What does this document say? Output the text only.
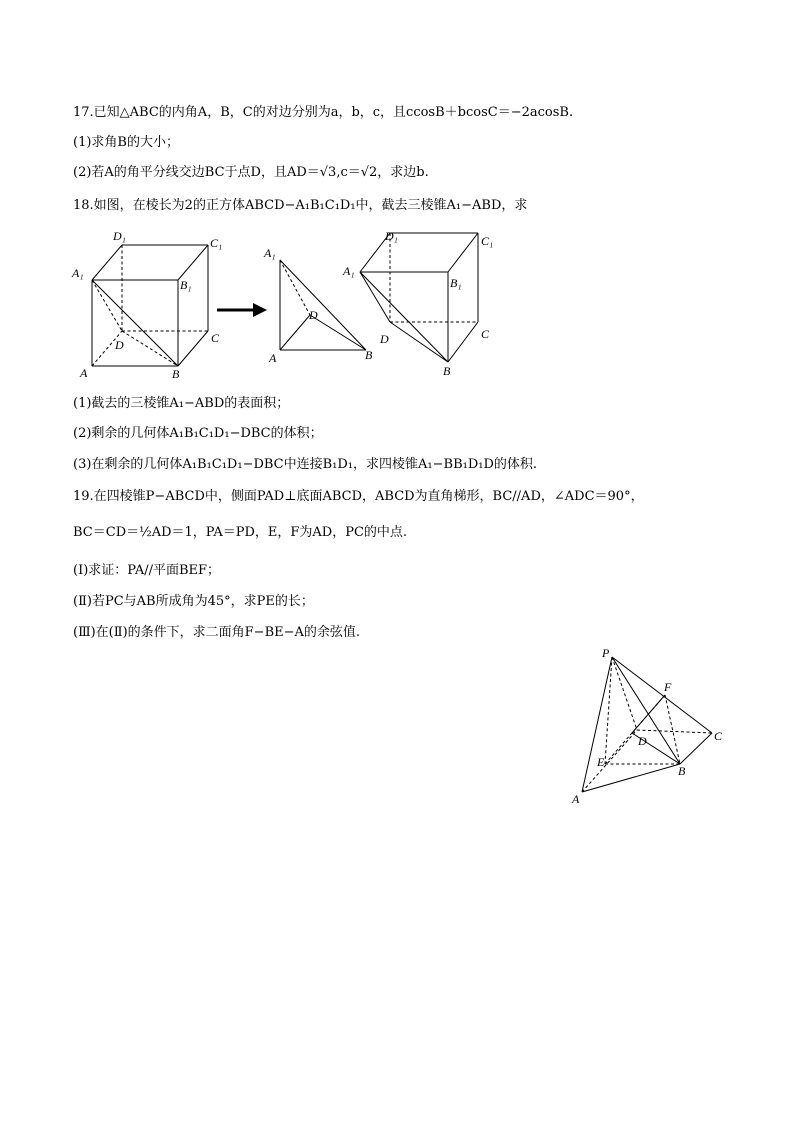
17.已知△ABC的内角A，B，C的对边分别为a，b，c，且ccosB＋bcosC＝−2acosB.
(1)求角B的大小；
(2)若A的角平分线交边BC于点D，且AD＝√3,c＝√2，求边b.
18.如图，在棱长为2的正方体ABCD−A₁B₁C₁D₁中，截去三棱锥A₁−ABD，求
D₁	C₁
A₁
B₁
C
D
A	B
A₁
D
A	B
D₁	C₁
A₁
B₁
C
D
B
(1)截去的三棱锥A₁−ABD的表面积；
(2)剩余的几何体A₁B₁C₁D₁−DBC的体积；
(3)在剩余的几何体A₁B₁C₁D₁−DBC中连接B₁D₁，求四棱锥A₁−BB₁D₁D的体积.
19.在四棱锥P−ABCD中，侧面PAD⊥底面ABCD，ABCD为直角梯形，BC//AD，∠ADC＝90°，
BC＝CD＝½AD＝1，PA＝PD，E，F为AD，PC的中点.
(Ⅰ)求证：PA//平面BEF；
(Ⅱ)若PC与AB所成角为45°，求PE的长；
(Ⅲ)在(Ⅱ)的条件下，求二面角F−BE−A的余弦值.
P
F
D	C
E
B
A
